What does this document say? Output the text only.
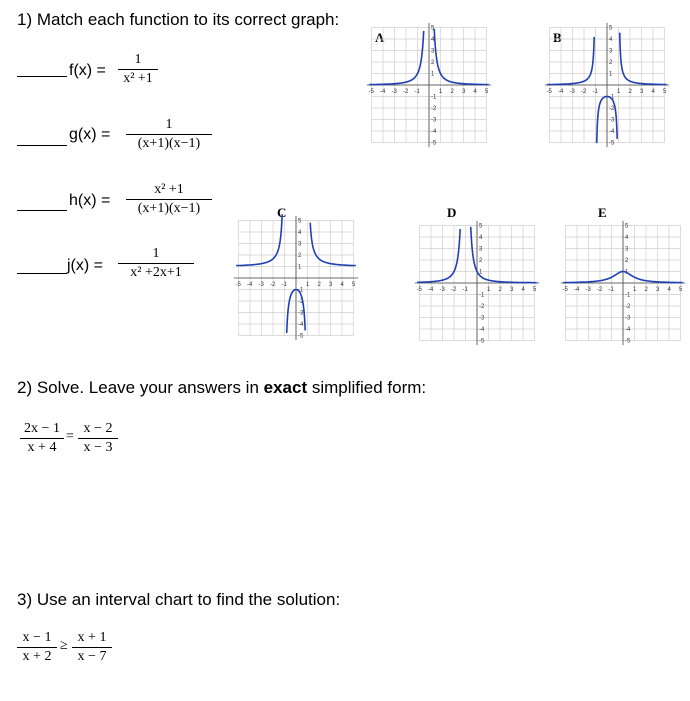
1) Match each function to its correct graph:
f(x) =
1
x² +1
g(x) =
1
(x+1)(x−1)
h(x) =
x² +1
(x+1)(x−1)
j(x) =
1
x² +2x+1
A	B
C	D	E
-5 -4 -3 -2 -1	1 2 3 4 5
5
4
3
2
1
-1
-2
-3
-4
-5
-5 -4 -3 -2 -1	1 2 3 4 5
5
4
3
2
1
-1
-2
-3
-4
-5
-5 -4 -3 -2 -1	1 2 3 4 5
5
4
3
2
1
-1
-2
-3
-4
-5
-5 -4 -3 -2 -1	1 2 3 4 5
5
4
3
2
1
-1
-2
-3
-4
-5
-5 -4 -3 -2 -1	1 2 3 4 5
5
4
3
2
1
-1
-2
-3
-4
-5
2) Solve. Leave your answers in exact simplified form:
2x − 1
x + 4
=
x − 2
x − 3
3) Use an interval chart to find the solution:
x − 1
x + 2
≥
x + 1
x − 7
